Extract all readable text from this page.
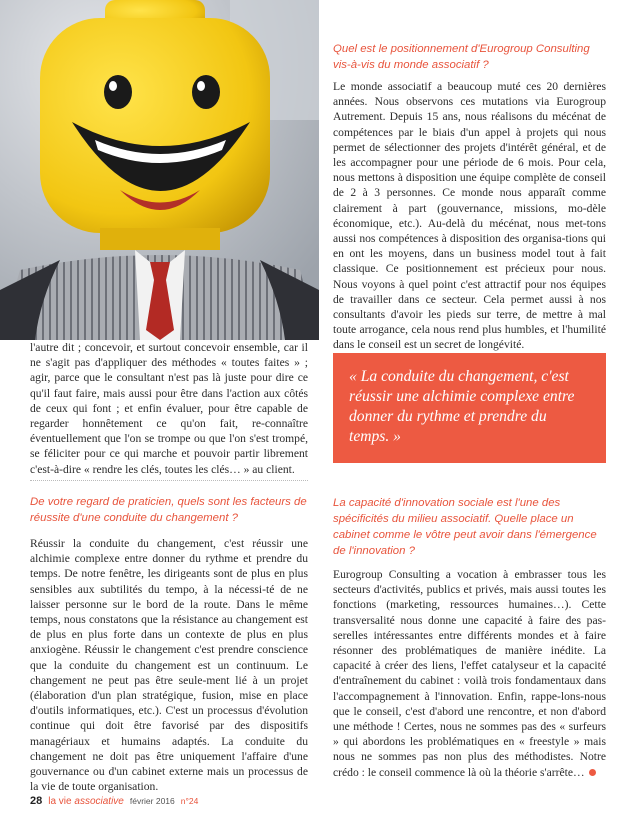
l'autre dit ; concevoir, et surtout concevoir ensemble, car il ne s'agit pas d'appliquer des méthodes « toutes faites » ; agir, parce que le consultant n'est pas là juste pour dire ce qu'il faut faire, mais aussi pour être dans l'action aux côtés de ceux qui font ; et enfin évaluer, pour être capable de regarder honnêtement ce qu'on fait, re-connaître éventuellement que l'on se trompe ou que l'on s'est trompé, se féliciter pour ce qui marche et pouvoir partir librement c'est-à-dire « rendre les clés, toutes les clés… » au client.

De votre regard de praticien, quels sont les facteurs de réussite d'une conduite du changement ?

Réussir la conduite du changement, c'est réussir une alchimie complexe entre donner du rythme et prendre du temps. De notre fenêtre, les dirigeants sont de plus en plus sensibles aux subtilités du tempo, à la nécessi-té de ne laisser personne sur le bord de la route. Dans le même temps, nous constatons que la résistance au changement est de plus en plus forte dans un contexte de plus en plus anxiogène. Réussir le changement c'est prendre conscience que la conduite du changement est un continuum. Le changement ne peut pas être seule-ment lié à un projet (élaboration d'un plan stratégique, fusion, mise en place d'outils informatiques, etc.). C'est un processus d'évolution continue qui doit être favorisé par des dispositifs managériaux et humains adaptés. La conduite du changement ne doit pas être uniquement l'affaire d'une gouvernance ou d'un cabinet externe mais un processus de la vie de toute organisation.

Quel est le positionnement d'Eurogroup Consulting vis-à-vis du monde associatif ?

Le monde associatif a beaucoup muté ces 20 dernières années. Nous observons ces mutations via Eurogroup Autrement. Depuis 15 ans, nous réalisons du mécénat de compétences par le biais d'un appel à projets qui nous permet de sélectionner des projets d'intérêt général, et de les accompagner pour une période de 6 mois. Pour cela, nous mettons à disposition une équipe complète de conseil de 2 à 3 personnes. Ce monde nous apparaît comme clairement à part (gouvernance, missions, mo-dèle économique, etc.). Au-delà du mécénat, nous met-tons aussi nos compétences à disposition des organisa-tions qui en ont les moyens, dans un business model tout à fait classique. Ce positionnement est précieux pour nous. Nous voyons à quel point c'est attractif pour nos équipes de travailler dans ce secteur. Cela permet aussi à nos consultants d'avoir les pieds sur terre, de mettre à mal toute arrogance, cela nous rend plus humbles, et l'humilité dans le conseil est un secret de longévité.

« La conduite du changement, c'est réussir une alchimie complexe entre donner du rythme et prendre du temps. »

La capacité d'innovation sociale est l'une des spécificités du milieu associatif. Quelle place un cabinet comme le vôtre peut avoir dans l'émergence de l'innovation ?

Eurogroup Consulting a vocation à embrasser tous les secteurs d'activités, publics et privés, mais aussi toutes les fonctions (marketing, ressources humaines…). Cette transversalité nous donne une capacité à faire des pas-serelles intéressantes entre différents mondes et à faire résonner des problématiques de manière inédite. La capacité à créer des liens, l'effet catalyseur et la capacité d'entraînement du cabinet : voilà trois fondamentaux dans l'accompagnement à l'innovation. Enfin, rappe-lons-nous que le conseil, c'est d'abord une rencontre, et non d'abord une méthode ! Certes, nous ne sommes pas des « surfeurs » qui abordons les problématiques en « freestyle » mais nous ne sommes pas non plus des méthodistes. Notre crédo : le conseil commence là où la théorie s'arrête…

28 la vie associative février 2016 n°24
